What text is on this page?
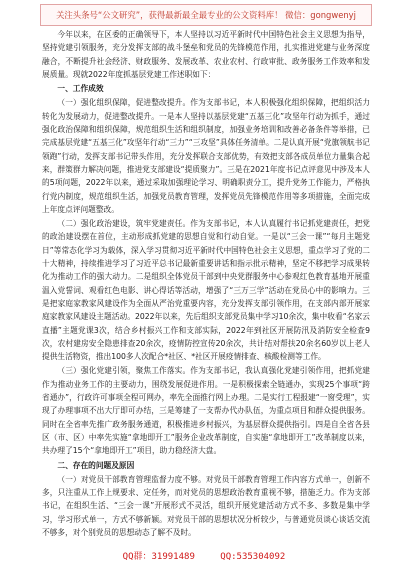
关注头条号“公文研究”，获得最新最全最专业的公文资料库！ 微信：gongwenyj

今年以来，在区委的正确领导下，本人坚持以习近平新时代中国特色社会主义思想为指导，坚持党建引领服务，充分发挥支部的战斗堡垒和党员的先锋模范作用，扎实推进党建与业务深度融合，不断提升社会经济、财政服务、发展改革、农业农村、行政审批、政务服务工作效率和发展质量。现就2022年度抓基层党建工作述职如下：

一、工作成效

（一）强化组织保障，促进整改提升。作为支部书记，本人积极强化组织保障，把组织活力转化为发展动力，促进整改提升。一是本人坚持以基层党建“五基三化”攻坚年行动为抓手，通过强化政治保障和组织保障，规范组织生活和组织制度，加强业务培训和改善必备条件等举措，已完成基层党建“五基三化”攻坚年行动“三力”“三攻坚”具体任务清单。二是认真开展“党旗领航书记领跑”行动，发挥支部书记带头作用，充分发挥联合支部优势，有效把支部各成员单位力量集合起来，群策群力解决问题，推进党支部建设“提质聚力”。三是在2021年度书记点评意见中涉及本人的5项问题，2022年以来，通过采取加强理论学习、明确职责分工，提升党务工作能力，严格执行党内制度，规范组织生活，加强党员教育管理，发挥党员先锋模范作用等多项措施，全面完成上年度点评问题整改。

（二）强化政治建设，筑牢党建责任。作为支部书记，本人认真履行书记抓党建责任，把党的政治建设摆在首位，主动形成抓党建的思想自觉和行动自觉。一是以“三会一课”“每月主题党日”等常态化学习为载体，深入学习贯彻习近平新时代中国特色社会主义思想，重点学习了党的二十大精神，持续推进学习了习近平总书记最新重要讲话和指示批示精神，坚定不移把学习成果转化为推动工作的强大动力。二是组织全体党员干部到中央党群服务中心参观红色教育基地开展重温入党誓词、观看红色电影、讲心得话等活动，增强了“三万三学”活动在党员心中的影响力。三是把家庭家教家风建设作为全面从严治党重要内容，充分发挥支部引领作用，在支部内部开展家庭家教家风建设主题活动。2022年以来，先后组织支部党员集中学习10余次，集中收看“名家云直播”主题党课3次，结合乡村振兴工作和支部实际，2022年到社区开展防汛及消防安全检查9次，农村建房安全隐患排查20余次，疫情防控宣传20余次，共计结对帮扶20余名60岁以上老人提供生活物资，推出100多人次配合*社区、*社区开展疫情排查、核酸检测等工作。

（三）强化党建引领，聚焦工作落实。作为支部书记，我认真强化党建引领作用，把抓党建作为推动业务工作的主要动力，围绕发展促进作用。一是积极探索全链通办，实现25个事项“跨省通办”，行政许可事项全程可网办，率先全面推行网上办理。二是实行工程报建“一窗受理”，实现了办理事项不出大厅即可办结，三是筹建了一支帮办代办队伍，为重点项目和群众提供服务。同时在全省率先推广政务服务通道，积极推进乡村振兴，为基层群众提供指引。四是自全省各县区（市、区）中率先实施“拿地即开工”服务企业改革制度，自实施“拿地即开工”改革制度以来，共办理了15个“拿地即开工”项目，助力稳经济大盘。

二、存在的问题及原因

（一）对党员干部教育管理监督力度不够。对党员干部教育管理工作内容方式单一，创新不多，只注重从工作上规要求、定任务，而对党员的思想政治教育重视不够，措施乏力。作为支部书记，在组织生活、“三会一课”开展形式不灵活，组织开展党建活动方式不多、多数是集中学习，学习形式单一，方式不够新颖。对党员干部的思想状况分析较少，与普通党员谈心谈话交流不够多，对个别党员的思想动态了解不及时。

QQ群：31991489	QQ:535304092
